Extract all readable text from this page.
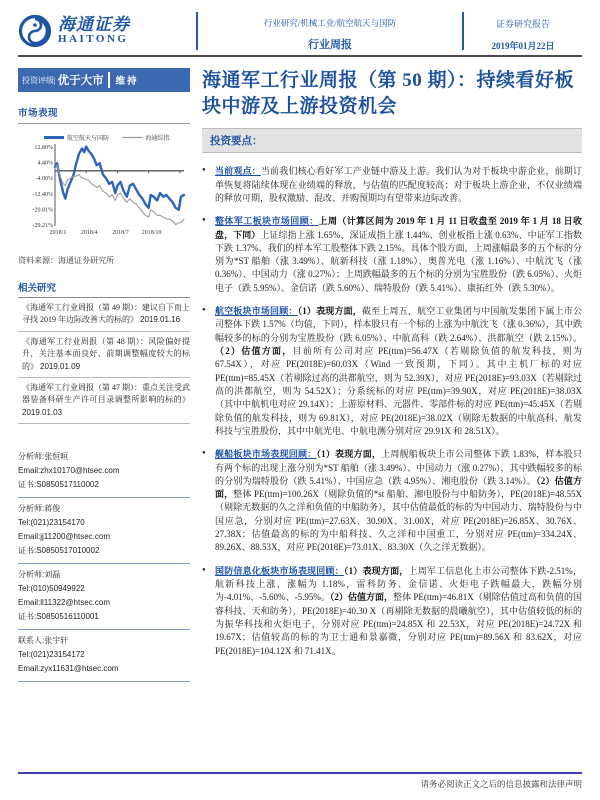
海通证券
HAITONG
行业研究/机械工业/航空航天与国防
行业周报
证券研究报告
2019年01月22日
投资评级 | 优于大市 维持
市场表现
航空航天与国防	海通综指
12.80%
4.40%
-4.00%
-12.40%
-20.81%
-29.21%
2018/1 2018/4 2018/7 2018/10
资料来源：海通证券研究所
相关研究
《海通军工行业周报（第 49 期）：建议自下而上寻找 2019 年边际改善大的标的》 2019.01.16
《海通军工行业周报（第 48 期）：风险偏好提升，关注基本面良好、前期调整幅度较大的标的》 2019.01.09
《海通军工行业周报（第 47 期）：重点关注受武器装备科研生产许可目录调整所影响的标的》 2019.01.03
分析师:张恒晅
Email:zhx10170@htsec.com
证书:S0850517110002
分析师:蒋俊
Tel:(021)23154170
Email:jj11200@htsec.com
证书:S0850517010002
分析师:刘磊
Tel:(010)50949922
Email:ll11322@htsec.com
证书:S0850516110001
联系人:张宇轩
Tel:(021)23154172
Email:zyx11631@htsec.com
海通军工行业周报（第 50 期）：持续看好板块中游及上游投资机会
投资要点：
● 当前观点：当前我们核心看好军工产业链中游及上游。我们认为对于板块中游企业，前期订单恢复将陆续体现在业绩端的释放，与估值的匹配度较高；对于板块上游企业，不仅业绩端的释放可期，股权激励、混改、并购预期均有望带来边际改善。
● 整体军工板块市场回顾：上周（计算区间为 2019 年 1 月 11 日收盘至 2019 年 1 月 18 日收盘，下同）上证综指上涨 1.65%、深证成指上涨 1.44%、创业板指上涨 0.63%、中证军工指数下跌 1.37%、我们的样本军工股整体下跌 2.15%。具体个股方面，上周涨幅最多的五个标的分别为*ST 船舶（涨 3.49%）、航新科技（涨 1.18%）、奥普光电（涨 1.16%）、中航沈飞（涨 0.36%）、中国动力（涨 0.27%）；上周跌幅最多的五个标的分别为宝胜股份（跌 6.05%）、火炬电子（跌 5.95%）、金信诺（跌 5.60%）、瑞特股份（跌 5.41%）、康拓红外（跌 5.30%）。
● 航空板块市场回顾：（1）表现方面，截至上周五，航空工业集团与中国航发集团下属上市公司整体下跌 1.57%（均值，下同），样本股只有一个标的上涨为中航沈飞（涨 0.36%），其中跌幅较多的标的分别为宝胜股份（跌 6.05%）、中航高科（跌 2.64%）、洪都航空（跌 2.15%）。（2）估值方面，目前所有公司对应 PE(ttm)=56.47X（若剔除负值的航发科技，则为 67.54X），对应 PE(2018E)=60.03X（Wind 一致预期，下同）。其中主机厂标的对应 PE(ttm)=85.45X（若剔除过高的洪都航空，则为 52.39X），对应 PE(2018E)=93.03X（若剔除过高的洪都航空，则为 54.52X）；分系统标的对应 PE(ttm)=39.90X，对应 PE(2018E)=38.03X（其中中航机电对应 29.14X）；上游原材料、元器件、零部件标的对应 PE(ttm)=45.45X（若剔除负值的航发科技，则为 69.81X），对应 PE(2018E)=38.02X（剔除无数据的中航高科、航发科技与宝胜股份，其中中航光电、中航电测分别对应 29.91X 和 28.51X）。
● 舰船板块市场表现回顾：（1）表现方面，上周舰船板块上市公司整体下跌 1.83%，样本股只有两个标的出现上涨分别为*ST 船舶（涨 3.49%）、中国动力（涨 0.27%），其中跌幅较多的标的分别为瑞特股份（跌 5.41%）、中国应急（跌 4.95%）、湘电股份（跌 3.14%）。（2）估值方面，整体 PE(ttm)=100.26X（剔除负值的*st 船舶、湘电股份与中船防务），PE(2018E)=48.55X（剔除无数据的久之洋和负值的中船防务），其中估值最低的标的为中国动力、瑞特股份与中国应急，分别对应 PE(ttm)=27.63X、30.90X、31.00X，对应 PE(2018E)=26.85X、30.76X、27.38X；估值最高的标的为中船科技、久之洋和中国重工，分别对应 PE(ttm)=334.24X、89.26X、88.53X，对应 PE(2018E)=73.01X、83.30X（久之洋无数据）。
● 国防信息化板块市场表现回顾：（1）表现方面，上周军工信息化上市公司整体下跌-2.51%，航新科技上涨，涨幅为 1.18%，雷科防务、金信诺、火炬电子跌幅最大，跌幅分别为-4.01%、-5.60%、-5.95%。（2）估值方面，整体 PE(ttm)=46.81X（剔除估值过高和负值的国睿科技、天和防务），PE(2018E)=40.30 X（再剔除无数据的晨曦航空），其中估值较低的标的为振华科技和火炬电子，分别对应 PE(ttm)=24.85X 和 22.53X，对应 PE(2018E)=24.72X 和 19.67X；估值较高的标的为卫士通和景嘉微，分别对应 PE(ttm)=89.56X 和 83.62X，对应 PE(2018E)=104.12X 和 71.41X。
请务必阅读正文之后的信息披露和法律声明
